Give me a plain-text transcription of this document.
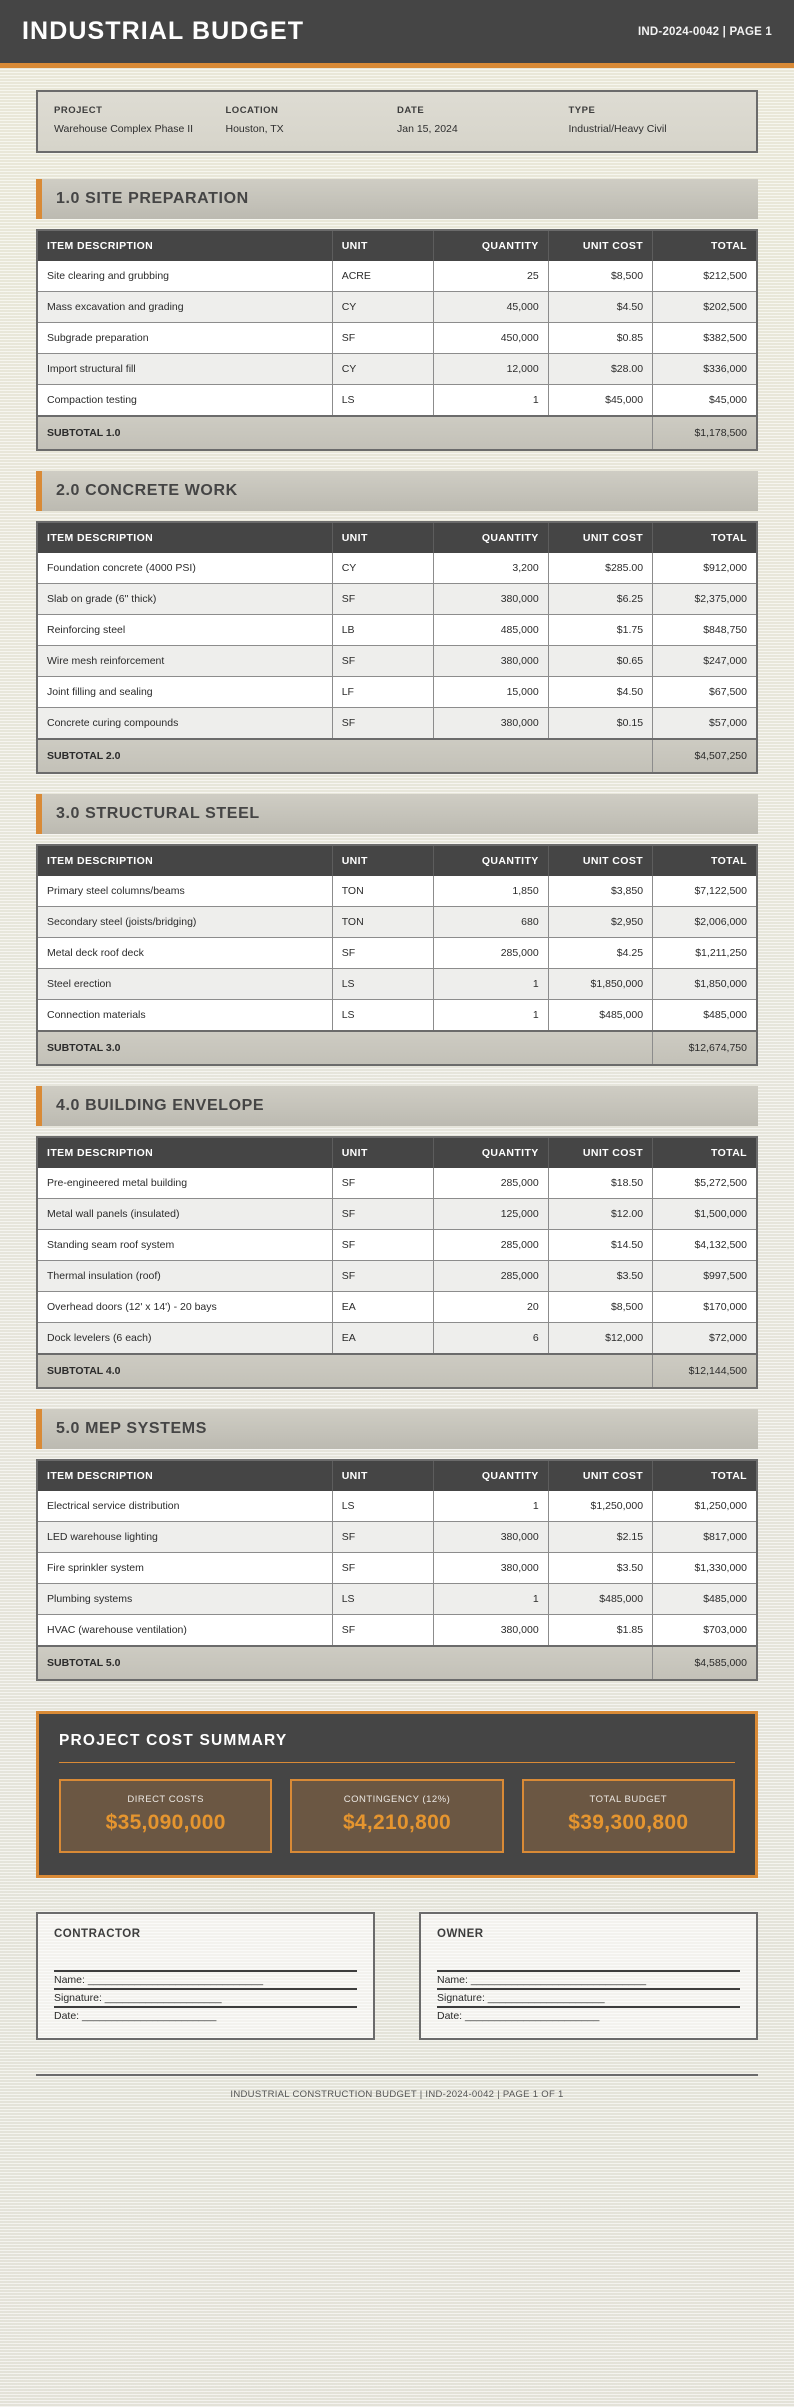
INDUSTRIAL BUDGET	IND-2024-0042 | PAGE 1
PROJECT
Warehouse Complex Phase II
LOCATION
Houston, TX
DATE
Jan 15, 2024
TYPE
Industrial/Heavy Civil
1.0 SITE PREPARATION
ITEM DESCRIPTION	UNIT	QUANTITY	UNIT COST	TOTAL
Site clearing and grubbing	ACRE	25	$8,500	$212,500
Mass excavation and grading	CY	45,000	$4.50	$202,500
Subgrade preparation	SF	450,000	$0.85	$382,500
Import structural fill	CY	12,000	$28.00	$336,000
Compaction testing	LS	1	$45,000	$45,000
SUBTOTAL 1.0				$1,178,500
2.0 CONCRETE WORK
ITEM DESCRIPTION	UNIT	QUANTITY	UNIT COST	TOTAL
Foundation concrete (4000 PSI)	CY	3,200	$285.00	$912,000
Slab on grade (6" thick)	SF	380,000	$6.25	$2,375,000
Reinforcing steel	LB	485,000	$1.75	$848,750
Wire mesh reinforcement	SF	380,000	$0.65	$247,000
Joint filling and sealing	LF	15,000	$4.50	$67,500
Concrete curing compounds	SF	380,000	$0.15	$57,000
SUBTOTAL 2.0				$4,507,250
3.0 STRUCTURAL STEEL
ITEM DESCRIPTION	UNIT	QUANTITY	UNIT COST	TOTAL
Primary steel columns/beams	TON	1,850	$3,850	$7,122,500
Secondary steel (joists/bridging)	TON	680	$2,950	$2,006,000
Metal deck roof deck	SF	285,000	$4.25	$1,211,250
Steel erection	LS	1	$1,850,000	$1,850,000
Connection materials	LS	1	$485,000	$485,000
SUBTOTAL 3.0				$12,674,750
4.0 BUILDING ENVELOPE
ITEM DESCRIPTION	UNIT	QUANTITY	UNIT COST	TOTAL
Pre-engineered metal building	SF	285,000	$18.50	$5,272,500
Metal wall panels (insulated)	SF	125,000	$12.00	$1,500,000
Standing seam roof system	SF	285,000	$14.50	$4,132,500
Thermal insulation (roof)	SF	285,000	$3.50	$997,500
Overhead doors (12' x 14') - 20 bays	EA	20	$8,500	$170,000
Dock levelers (6 each)	EA	6	$12,000	$72,000
SUBTOTAL 4.0				$12,144,500
5.0 MEP SYSTEMS
ITEM DESCRIPTION	UNIT	QUANTITY	UNIT COST	TOTAL
Electrical service distribution	LS	1	$1,250,000	$1,250,000
LED warehouse lighting	SF	380,000	$2.15	$817,000
Fire sprinkler system	SF	380,000	$3.50	$1,330,000
Plumbing systems	LS	1	$485,000	$485,000
HVAC (warehouse ventilation)	SF	380,000	$1.85	$703,000
SUBTOTAL 5.0				$4,585,000
PROJECT COST SUMMARY
DIRECT COSTS
$35,090,000
CONTINGENCY (12%)
$4,210,800
TOTAL BUDGET
$39,300,800
CONTRACTOR
Name: ______________________________
Signature: ____________________
Date: _______________________
OWNER
Name: ______________________________
Signature: ____________________
Date: _______________________
INDUSTRIAL CONSTRUCTION BUDGET | IND-2024-0042 | PAGE 1 OF 1
